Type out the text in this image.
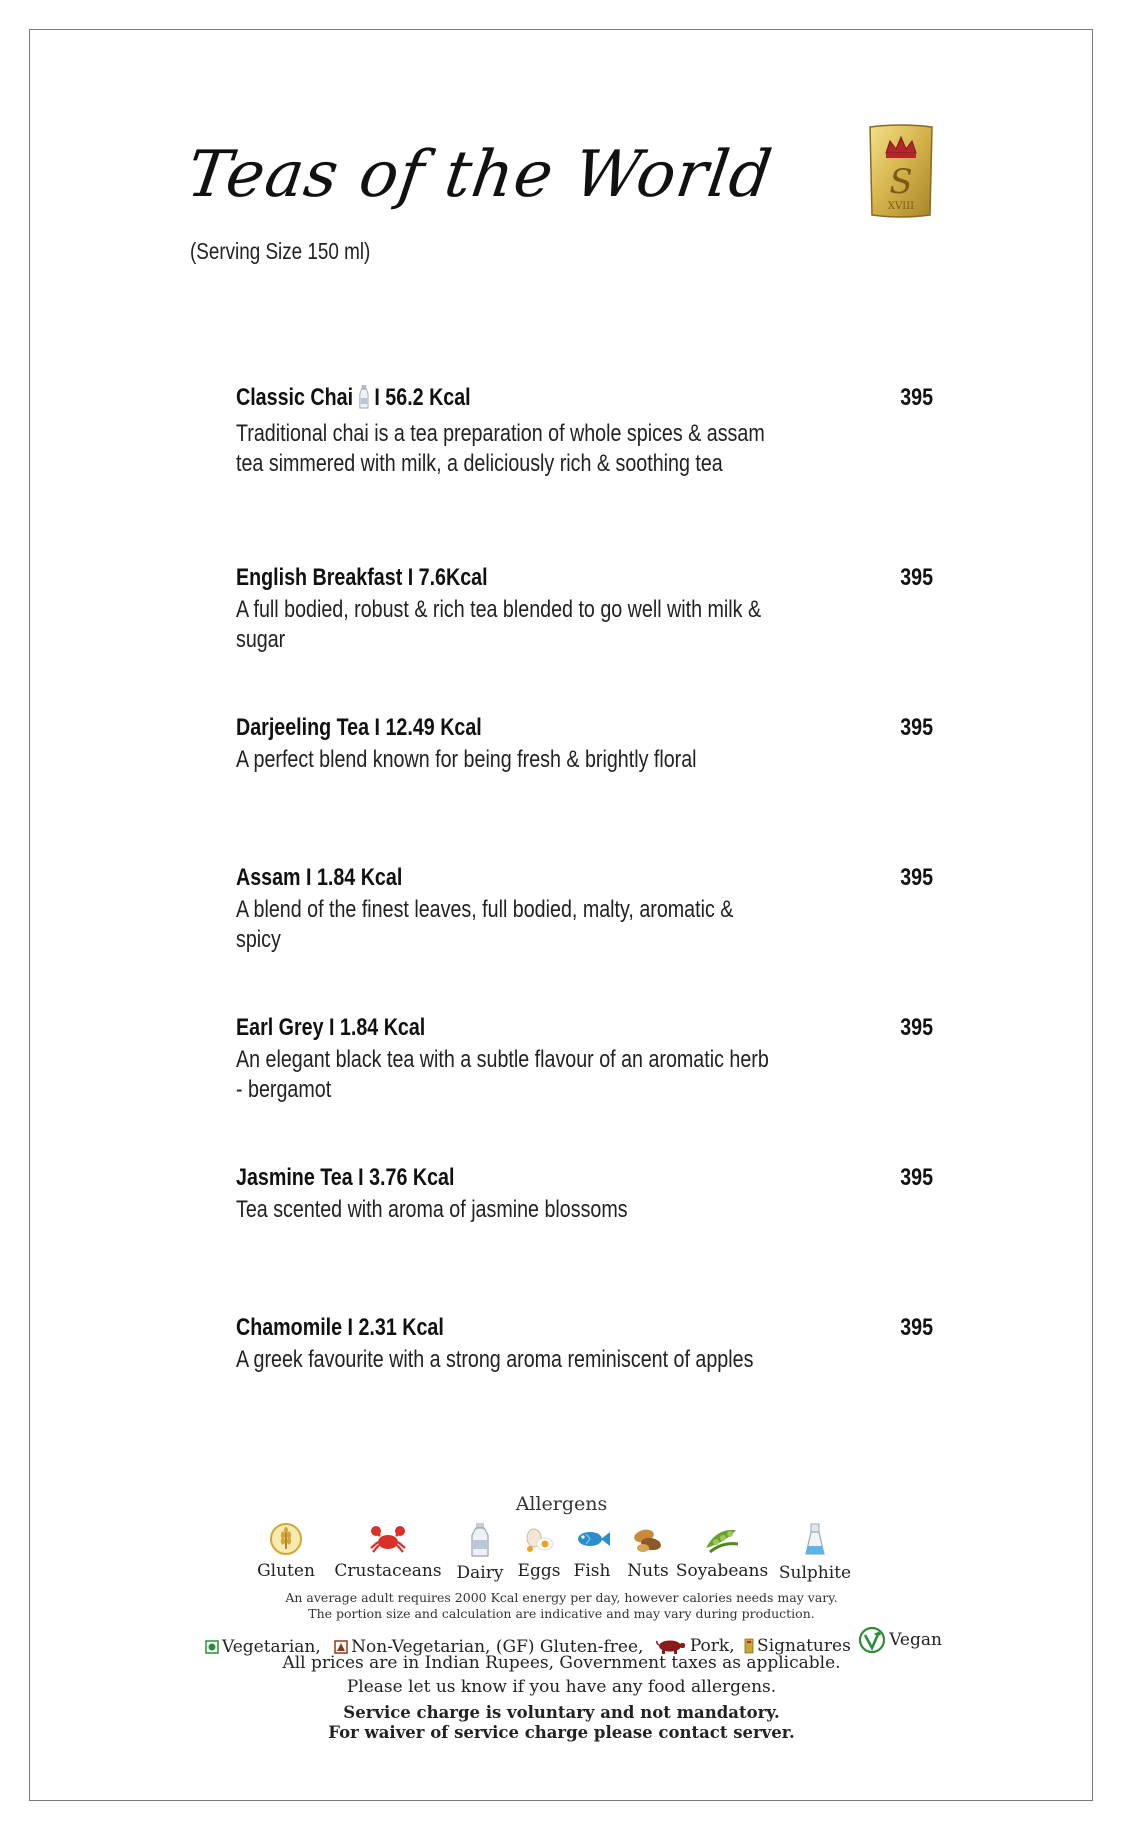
Teas of the World
(Serving Size 150 ml)
S
XVIII
Classic Chai I 56.2 Kcal
Traditional chai is a tea preparation of whole spices & assam tea simmered with milk, a deliciously rich & soothing tea
395
English Breakfast I 7.6Kcal
A full bodied, robust & rich tea blended to go well with milk & sugar
395
Darjeeling Tea I 12.49 Kcal
A perfect blend known for being fresh & brightly floral
395
Assam I 1.84 Kcal
A blend of the finest leaves, full bodied, malty, aromatic & spicy
395
Earl Grey I 1.84 Kcal
An elegant black tea with a subtle flavour of an aromatic herb - bergamot
395
Jasmine Tea I 3.76 Kcal
Tea scented with aroma of jasmine blossoms
395
Chamomile I 2.31 Kcal
A greek favourite with a strong aroma reminiscent of apples
395
Allergens
Gluten Crustaceans Dairy Eggs Fish Nuts Soyabeans Sulphite
An average adult requires 2000 Kcal energy per day, however calories needs may vary.
The portion size and calculation are indicative and may vary during production.
Vegetarian,
Non-Vegetarian, (GF) Gluten-free,
	Pork,
Signatures
Vegan
All prices are in Indian Rupees, Government taxes as applicable.
Please let us know if you have any food allergens.
Service charge is voluntary and not mandatory.
For waiver of service charge please contact server.
